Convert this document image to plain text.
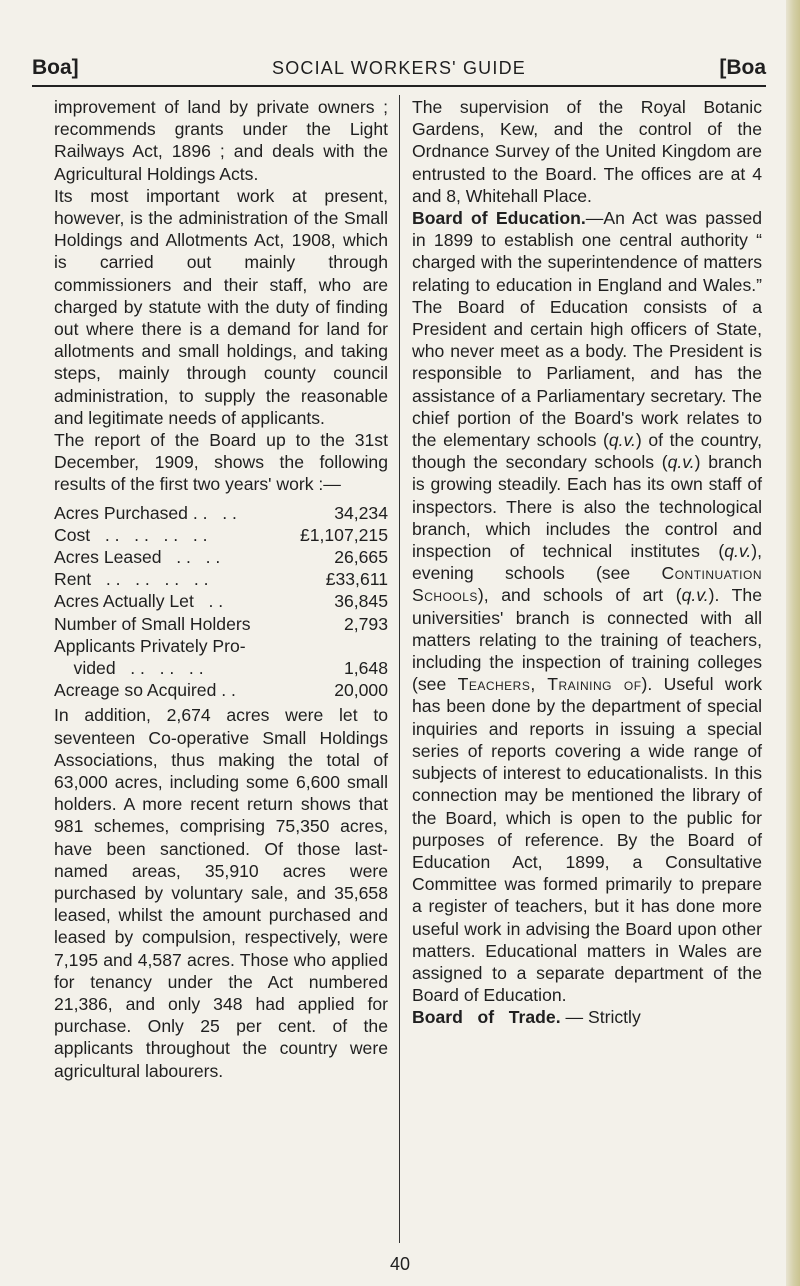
Boa]	SOCIAL WORKERS' GUIDE	[Boa

improvement of land by private owners ; recommends grants under the Light Railways Act, 1896 ; and deals with the Agricultural Holdings Acts.

Its most important work at present, however, is the administration of the Small Holdings and Allotments Act, 1908, which is carried out mainly through commissioners and their staff, who are charged by statute with the duty of finding out where there is a demand for land for allotments and small holdings, and taking steps, mainly through county council administration, to supply the reasonable and legitimate needs of applicants.

The report of the Board up to the 31st December, 1909, shows the following results of the first two years' work :—

Acres Purchased . .   . .	34,234
Cost   . .   . .   . .   . .	£1,107,215
Acres Leased   . .   . .	26,665
Rent   . .   . .   . .   . .	£33,611
Acres Actually Let   . .	36,845
Number of Small Holders	2,793
Applicants Privately Pro-
vided   . .   . .   . .	1,648
Acreage so Acquired . .	20,000

In addition, 2,674 acres were let to seventeen Co-operative Small Holdings Associations, thus making the total of 63,000 acres, including some 6,600 small holders. A more recent return shows that 981 schemes, comprising 75,350 acres, have been sanctioned. Of those last-named areas, 35,910 acres were purchased by voluntary sale, and 35,658 leased, whilst the amount purchased and leased by compulsion, respectively, were 7,195 and 4,587 acres. Those who applied for tenancy under the Act numbered 21,386, and only 348 had applied for purchase. Only 25 per cent. of the applicants throughout the country were agricultural labourers.

The supervision of the Royal Botanic Gardens, Kew, and the control of the Ordnance Survey of the United Kingdom are entrusted to the Board. The offices are at 4 and 8, Whitehall Place.

Board of Education.—An Act was passed in 1899 to establish one central authority “ charged with the superintendence of matters relating to education in England and Wales.” The Board of Education consists of a President and certain high officers of State, who never meet as a body. The President is responsible to Parliament, and has the assistance of a Parliamentary secretary. The chief portion of the Board's work relates to the elementary schools (q.v.) of the country, though the secondary schools (q.v.) branch is growing steadily. Each has its own staff of inspectors. There is also the technological branch, which includes the control and inspection of technical institutes (q.v.), evening schools (see Continuation Schools), and schools of art (q.v.). The universities' branch is connected with all matters relating to the training of teachers, including the inspection of training colleges (see Teachers, Training of). Useful work has been done by the department of special inquiries and reports in issuing a special series of reports covering a wide range of subjects of interest to educationalists. In this connection may be mentioned the library of the Board, which is open to the public for purposes of reference. By the Board of Education Act, 1899, a Consultative Committee was formed primarily to prepare a register of teachers, but it has done more useful work in advising the Board upon other matters. Educational matters in Wales are assigned to a separate department of the Board of Education.

Board   of   Trade. — Strictly

40
